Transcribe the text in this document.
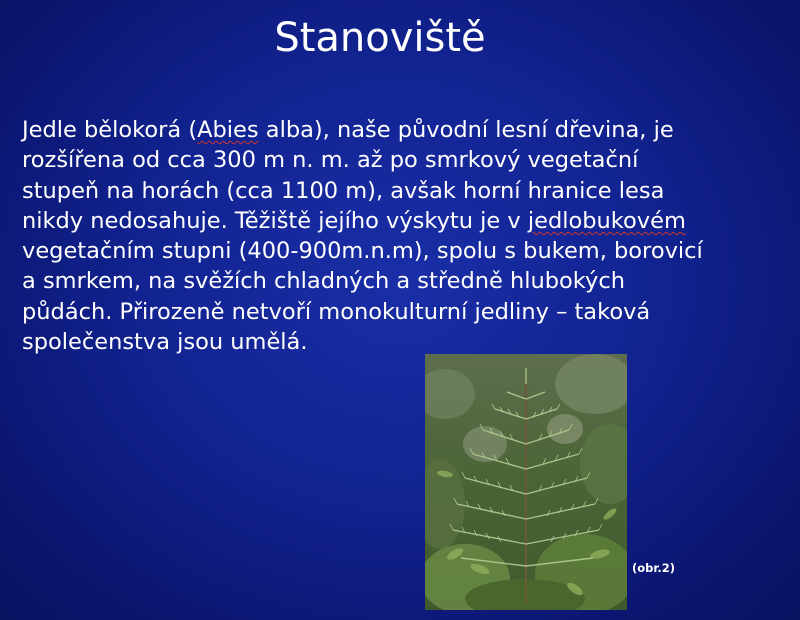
Stanoviště
Jedle bělokorá (Abies alba), naše původní lesní dřevina, je
rozšířena od cca 300 m n. m. až po smrkový vegetační
stupeň na horách (cca 1100 m), avšak horní hranice lesa
nikdy nedosahuje. Těžiště jejího výskytu je v jedlobukovém
vegetačním stupni (400-900m.n.m), spolu s bukem, borovicí
a smrkem, na svěžích chladných a středně hlubokých
půdách. Přirozeně netvoří monokulturní jedliny – taková
společenstva jsou umělá.
(obr.2)
